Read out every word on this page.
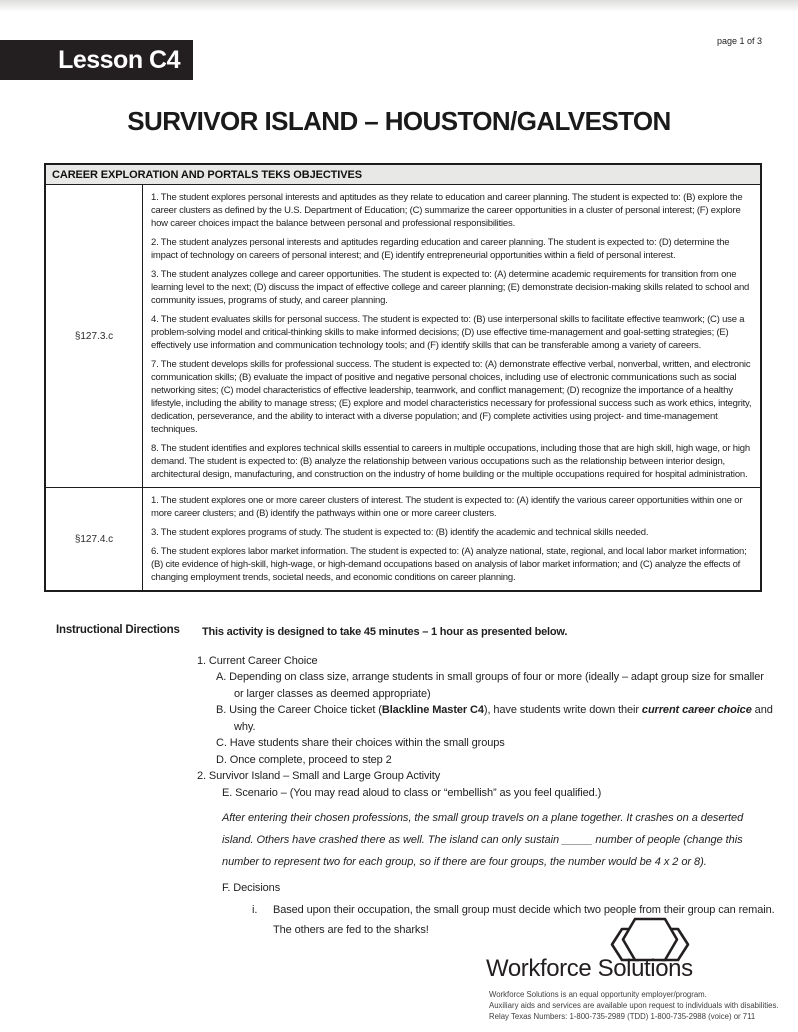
page 1 of 3
Lesson C4
SURVIVOR ISLAND – HOUSTON/GALVESTON
CAREER EXPLORATION AND PORTALS TEKS OBJECTIVES
§127.3.c
1. The student explores personal interests and aptitudes as they relate to education and career planning. The student is expected to: (B) explore the career clusters as defined by the U.S. Department of Education; (C) summarize the career opportunities in a cluster of personal interest; (F) explore how career choices impact the balance between personal and professional responsibilities.
2. The student analyzes personal interests and aptitudes regarding education and career planning. The student is expected to: (D) determine the impact of technology on careers of personal interest; and (E) identify entrepreneurial opportunities within a field of personal interest.
3. The student analyzes college and career opportunities. The student is expected to: (A) determine academic requirements for transition from one learning level to the next; (D) discuss the impact of effective college and career planning; (E) demonstrate decision-making skills related to school and community issues, programs of study, and career planning.
4. The student evaluates skills for personal success. The student is expected to: (B) use interpersonal skills to facilitate effective teamwork; (C) use a problem-solving model and critical-thinking skills to make informed decisions; (D) use effective time-management and goal-setting strategies; (E) effectively use information and communication technology tools; and (F) identify skills that can be transferable among a variety of careers.
7. The student develops skills for professional success. The student is expected to: (A) demonstrate effective verbal, nonverbal, written, and electronic communication skills; (B) evaluate the impact of positive and negative personal choices, including use of electronic communications such as social networking sites; (C) model characteristics of effective leadership, teamwork, and conflict management; (D) recognize the importance of a healthy lifestyle, including the ability to manage stress; (E) explore and model characteristics necessary for professional success such as work ethics, integrity, dedication, perseverance, and the ability to interact with a diverse population; and (F) complete activities using project- and time-management techniques.
8. The student identifies and explores technical skills essential to careers in multiple occupations, including those that are high skill, high wage, or high demand. The student is expected to: (B) analyze the relationship between various occupations such as the relationship between interior design, architectural design, manufacturing, and construction on the industry of home building or the multiple occupations required for hospital administration.
§127.4.c
1. The student explores one or more career clusters of interest. The student is expected to: (A) identify the various career opportunities within one or more career clusters; and (B) identify the pathways within one or more career clusters.
3. The student explores programs of study. The student is expected to: (B) identify the academic and technical skills needed.
6. The student explores labor market information. The student is expected to: (A) analyze national, state, regional, and local labor market information; (B) cite evidence of high-skill, high-wage, or high-demand occupations based on analysis of labor market information; and (C) analyze the effects of changing employment trends, societal needs, and economic conditions on career planning.
Instructional Directions This activity is designed to take 45 minutes – 1 hour as presented below.

1. Current Career Choice
A. Depending on class size, arrange students in small groups of four or more (ideally – adapt group size for smaller or larger classes as deemed appropriate)
B. Using the Career Choice ticket (Blackline Master C4), have students write down their current career choice and why.
C. Have students share their choices within the small groups
D. Once complete, proceed to step 2
2. Survivor Island – Small and Large Group Activity
E. Scenario – (You may read aloud to class or “embellish” as you feel qualified.)
After entering their chosen professions, the small group travels on a plane together. It crashes on a deserted island. Others have crashed there as well. The island can only sustain _____ number of people (change this number to represent two for each group, so if there are four groups, the number would be 4 x 2 or 8).
F. Decisions
i.	Based upon their occupation, the small group must decide which two people from their group can remain. The others are fed to the sharks!
Workforce Solutions
Workforce Solutions is an equal opportunity employer/program.
Auxiliary aids and services are available upon request to individuals with disabilities.
Relay Texas Numbers: 1-800-735-2989 (TDD) 1-800-735-2988 (voice) or 711
